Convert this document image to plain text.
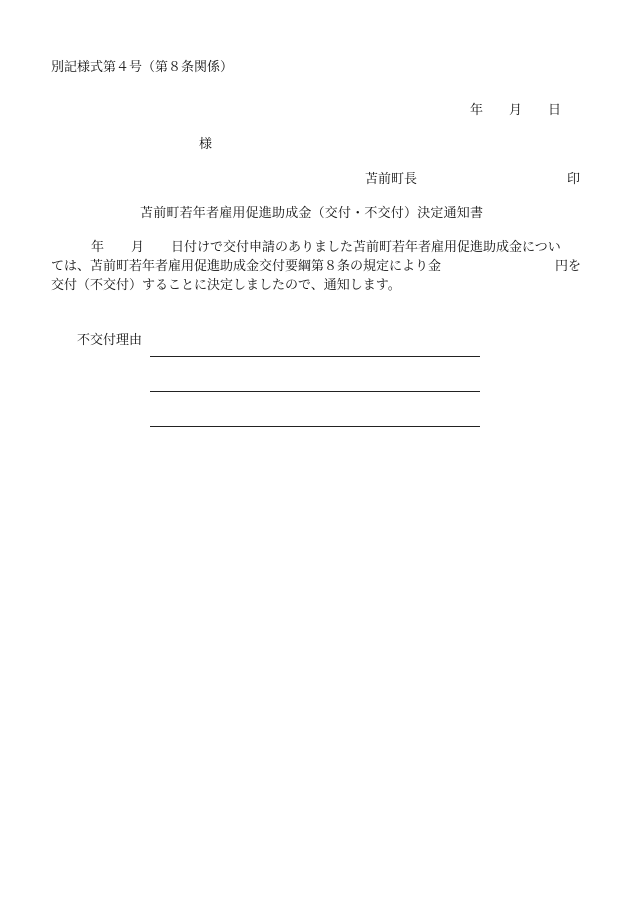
別記様式第４号（第８条関係）
年 月 日
様
苫前町長	印
苫前町若年者雇用促進助成金（交付・不交付）決定通知書
年 月 日付けで交付申請のありました苫前町若年者雇用促進助成金につい
ては、苫前町若年者雇用促進助成金交付要綱第８条の規定により金	円を
交付（不交付）することに決定しましたので、通知します。
不交付理由
